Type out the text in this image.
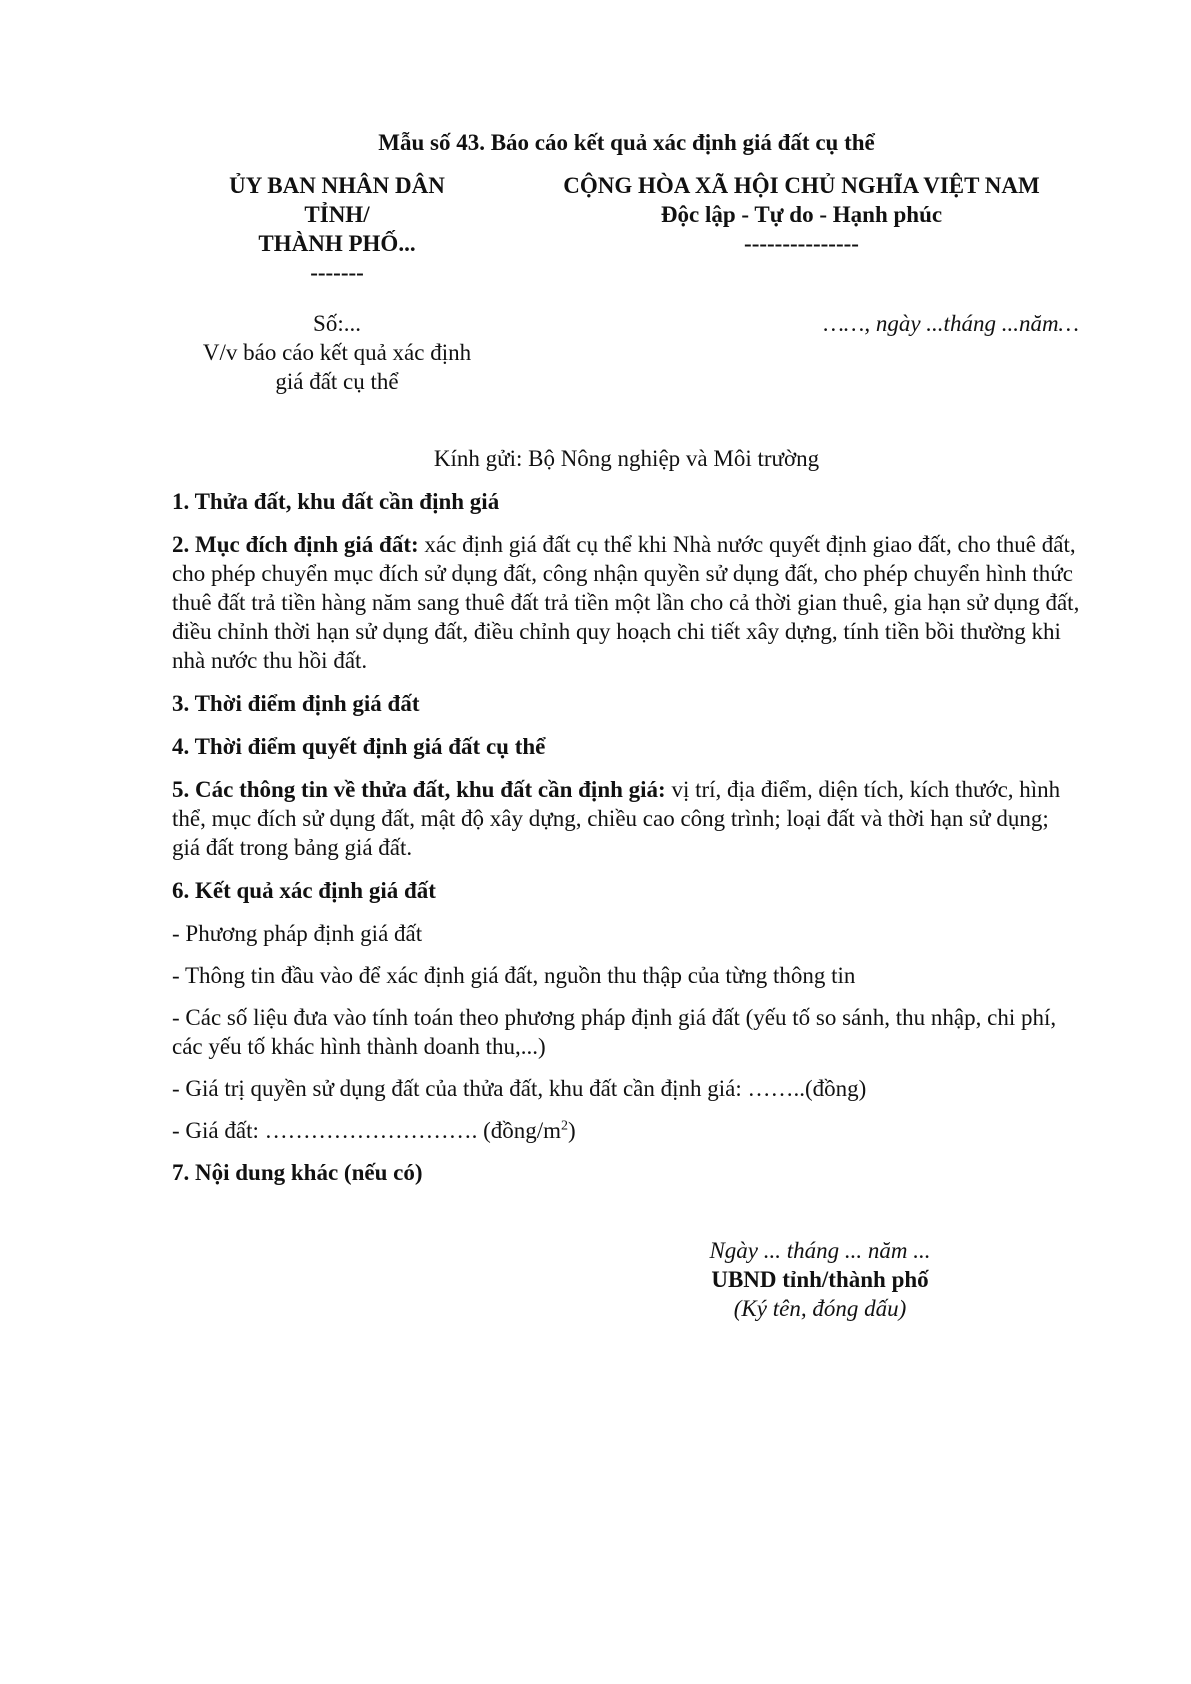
Mẫu số 43. Báo cáo kết quả xác định giá đất cụ thể
ỦY BAN NHÂN DÂN
TỈNH/
THÀNH PHỐ...
-------
CỘNG HÒA XÃ HỘI CHỦ NGHĨA VIỆT NAM
Độc lập - Tự do - Hạnh phúc
---------------
Số:...
V/v báo cáo kết quả xác định
giá đất cụ thể
……, ngày ...tháng ...năm…
Kính gửi: Bộ Nông nghiệp và Môi trường
1. Thửa đất, khu đất cần định giá
2. Mục đích định giá đất: xác định giá đất cụ thể khi Nhà nước quyết định giao đất, cho thuê đất, cho phép chuyển mục đích sử dụng đất, công nhận quyền sử dụng đất, cho phép chuyển hình thức thuê đất trả tiền hàng năm sang thuê đất trả tiền một lần cho cả thời gian thuê, gia hạn sử dụng đất, điều chỉnh thời hạn sử dụng đất, điều chỉnh quy hoạch chi tiết xây dựng, tính tiền bồi thường khi nhà nước thu hồi đất.
3. Thời điểm định giá đất
4. Thời điểm quyết định giá đất cụ thể
5. Các thông tin về thửa đất, khu đất cần định giá: vị trí, địa điểm, diện tích, kích thước, hình thể, mục đích sử dụng đất, mật độ xây dựng, chiều cao công trình; loại đất và thời hạn sử dụng; giá đất trong bảng giá đất.
6. Kết quả xác định giá đất
- Phương pháp định giá đất
- Thông tin đầu vào để xác định giá đất, nguồn thu thập của từng thông tin
- Các số liệu đưa vào tính toán theo phương pháp định giá đất (yếu tố so sánh, thu nhập, chi phí, các yếu tố khác hình thành doanh thu,...)
- Giá trị quyền sử dụng đất của thửa đất, khu đất cần định giá: ……..(đồng)
- Giá đất: ………………………. $(đồng/m^2)$
7. Nội dung khác (nếu có)
Ngày ... tháng ... năm ...
UBND tỉnh/thành phố
(Ký tên, đóng dấu)
